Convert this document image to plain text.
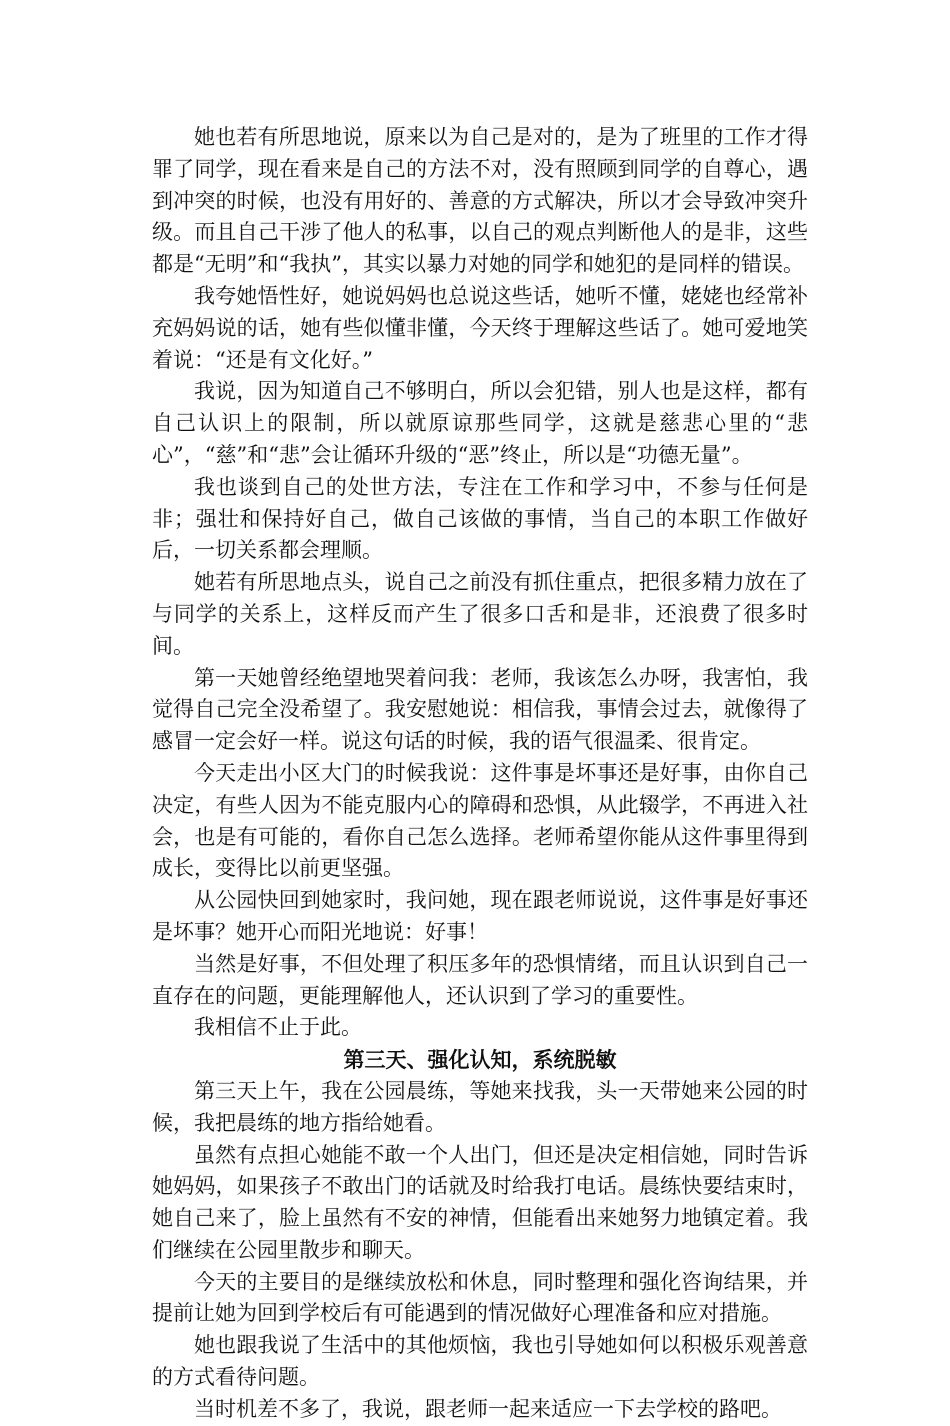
她也若有所思地说，原来以为自己是对的，是为了班里的工作才得罪了同学，现在看来是自己的方法不对，没有照顾到同学的自尊心，遇到冲突的时候，也没有用好的、善意的方式解决，所以才会导致冲突升级。而且自己干涉了他人的私事，以自己的观点判断他人的是非，这些都是“无明”和“我执”，其实以暴力对她的同学和她犯的是同样的错误。

我夸她悟性好，她说妈妈也总说这些话，她听不懂，姥姥也经常补充妈妈说的话，她有些似懂非懂，今天终于理解这些话了。她可爱地笑着说：“还是有文化好。”

我说，因为知道自己不够明白，所以会犯错，别人也是这样，都有自己认识上的限制，所以就原谅那些同学，这就是慈悲心里的“悲心”，“慈”和“悲”会让循环升级的“恶”终止，所以是“功德无量”。

我也谈到自己的处世方法，专注在工作和学习中，不参与任何是非；强壮和保持好自己，做自己该做的事情，当自己的本职工作做好后，一切关系都会理顺。

她若有所思地点头，说自己之前没有抓住重点，把很多精力放在了与同学的关系上，这样反而产生了很多口舌和是非，还浪费了很多时间。

第一天她曾经绝望地哭着问我：老师，我该怎么办呀，我害怕，我觉得自己完全没希望了。我安慰她说：相信我，事情会过去，就像得了感冒一定会好一样。说这句话的时候，我的语气很温柔、很肯定。

今天走出小区大门的时候我说：这件事是坏事还是好事，由你自己决定，有些人因为不能克服内心的障碍和恐惧，从此辍学，不再进入社会，也是有可能的，看你自己怎么选择。老师希望你能从这件事里得到成长，变得比以前更坚强。

从公园快回到她家时，我问她，现在跟老师说说，这件事是好事还是坏事？她开心而阳光地说：好事！

当然是好事，不但处理了积压多年的恐惧情绪，而且认识到自己一直存在的问题，更能理解他人，还认识到了学习的重要性。

我相信不止于此。

第三天、强化认知，系统脱敏

第三天上午，我在公园晨练，等她来找我，头一天带她来公园的时候，我把晨练的地方指给她看。

虽然有点担心她能不敢一个人出门，但还是决定相信她，同时告诉她妈妈，如果孩子不敢出门的话就及时给我打电话。晨练快要结束时，她自己来了，脸上虽然有不安的神情，但能看出来她努力地镇定着。我们继续在公园里散步和聊天。

今天的主要目的是继续放松和休息，同时整理和强化咨询结果，并提前让她为回到学校后有可能遇到的情况做好心理准备和应对措施。

她也跟我说了生活中的其他烦恼，我也引导她如何以积极乐观善意的方式看待问题。

当时机差不多了，我说，跟老师一起来适应一下去学校的路吧。
